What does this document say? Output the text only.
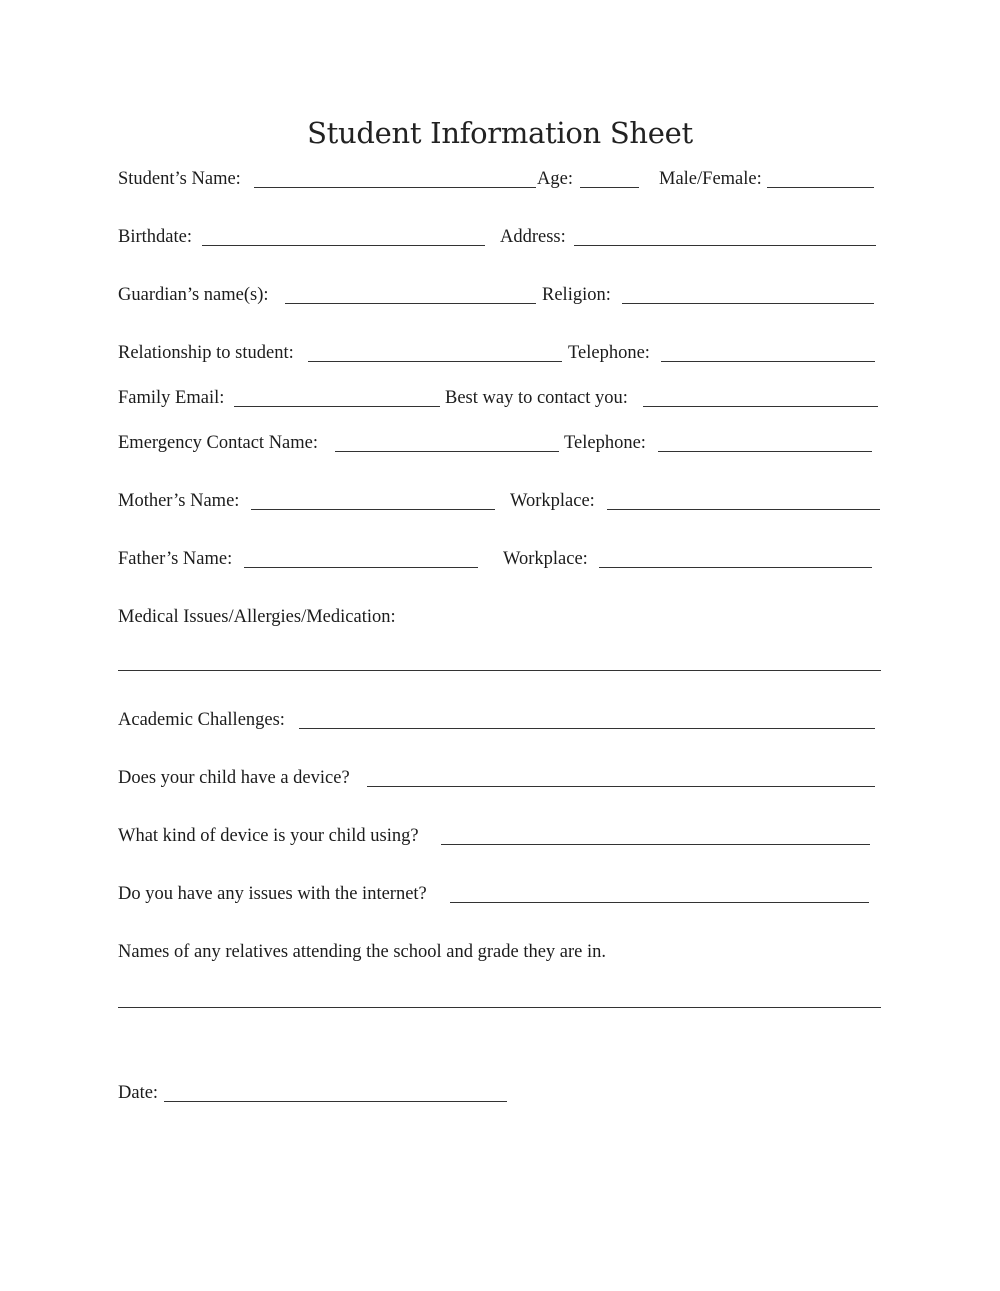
Student Information Sheet
Student’s Name:	Age:	Male/Female:
Birthdate:	Address:
Guardian’s name(s):	Religion:
Relationship to student:	Telephone:
Family Email:	Best way to contact you:
Emergency Contact Name:	Telephone:
Mother’s Name:	Workplace:
Father’s Name:	Workplace:
Medical Issues/Allergies/Medication:
Academic Challenges:
Does your child have a device?
What kind of device is your child using?
Do you have any issues with the internet?
Names of any relatives attending the school and grade they are in.
Date:
